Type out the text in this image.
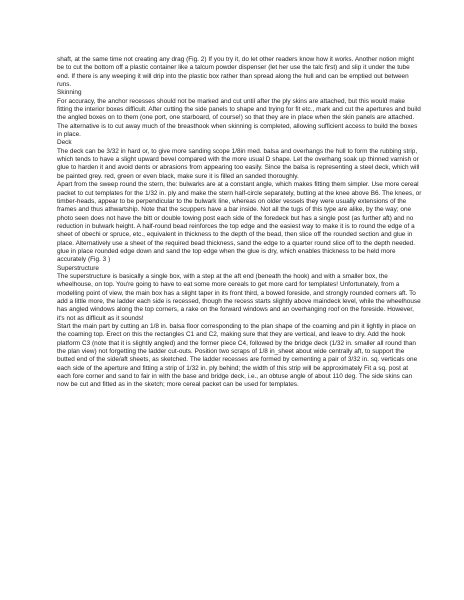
shaft, at the same time not creating any drag (Fig. 2) If you try it, do let other readers know how it works. Another notion might be to cut the bottom off a plastic container like a talcum powder dispenser (let her use the talc first) and slip it under the tube end. If there is any weeping it will drip into the plastic box rather than spread along the hull and can be emptied out between runs.

Skinning

For accuracy, the anchor recesses should not be marked and cut until after the ply skins are attached, but this would make fitting the interior boxes difficult. After cutting the side panels to shape and trying for fit etc., mark and cut the apertures and build the angled boxes on to them (one port, one starboard, of course!) so that they are in place when the skin panels are attached. The alternative is to cut away much of the breasthook when skinning is completed, allowing sufficient access to build the boxes in place.

Deck

The deck can be 3/32 in hard or, to give more sanding scope 1/8in med. balsa and overhangs the hull to form the rubbing strip, which tends to have a slight upward bevel compared with the more usual D shape. Let the overhang soak up thinned varnish or glue to harden it and avoid dents or abrasions from appearing too easily. Since the balsa is representing a steel deck, which will be painted grey. red, green or even black, make sure it is filled an sanded thoroughly.

Apart from the sweep round the stern, the: bulwarks are at a constant angle, which makes fitting them simpler. Use more cereal packet to cut templates for the 1/32 in. ply and make the stern half-circle separately, butting at the knee above B6. The knees, or timber-heads, appear to be perpendicular to the bulwark line, whereas on older vessels they were usually extensions of the frames and thus athwartship. Note that the scuppers have a bar inside. Not all the tugs of this type are alike, by the way; one photo seen does not have the bitt or double towing post each side of the foredeck but has a single post (as further aft) and no reduction in bulwark height. A half-round bead reinforces the top edge and the easiest way to make it is to round the edge of a sheet of obechi or spruce, etc., equivalent in thickness to the depth of the bead, then slice off the rounded section and glue in place. Alternatively use a sheet of the required bead thickness, sand the edge to a quarter round slice off to the depth needed. glue in place rounded edge down and sand the top edge when the glue is dry, which enables thickness to be held more accurately (Fig. 3 )

Superstructure

The superstructure is basically a single box, with a step at the aft end (beneath the hook) and with a smaller box, the wheelhouse, on top. You're going to have to eat some more cereals to get more card for templates! Unfortunately, from a modelling point of view, the main box has a slight taper in its front third, a bowed foreside, and strongly rounded corners aft. To add a little more, the ladder each side is recessed, though the recess starts slightly above maindeck level, while the wheelhouse has angled windows along the top corners, a rake on the forward windows and an overhanging roof on the foreside. However, it's not as difficult as it sounds!

Start the main part by cutting an 1/8 in. balsa floor corresponding to the plan shape of the coaming and pin it lightly in place on the coaming top. Erect on this the rectangles C1 and C2, making sure that they are vertical, and leave to dry. Add the hook platform C3 (note that it is slightly angled) and the former piece C4, followed by the bridge deck (1/32 in. smaller all round than the plan view) not forgetting the ladder cut-outs. Position two scraps of 1/8 in_sheet about wide centrally aft, to support the butted end of the side/aft sheets, as sketched. The ladder recesses are formed by cementing a pair of 3/32 in. sq. verticals one each side of the aperture and fitting a strip of 1/32 in. ply behind; the width of this strip will be approximately Fit a sq. post at each fore corner and sand to fair in with the base and bridge deck, i.e., an obtuse angle of about 110 deg. The side skins can now be cut and fitted as in the sketch; more cereal packet can be used for templates.
